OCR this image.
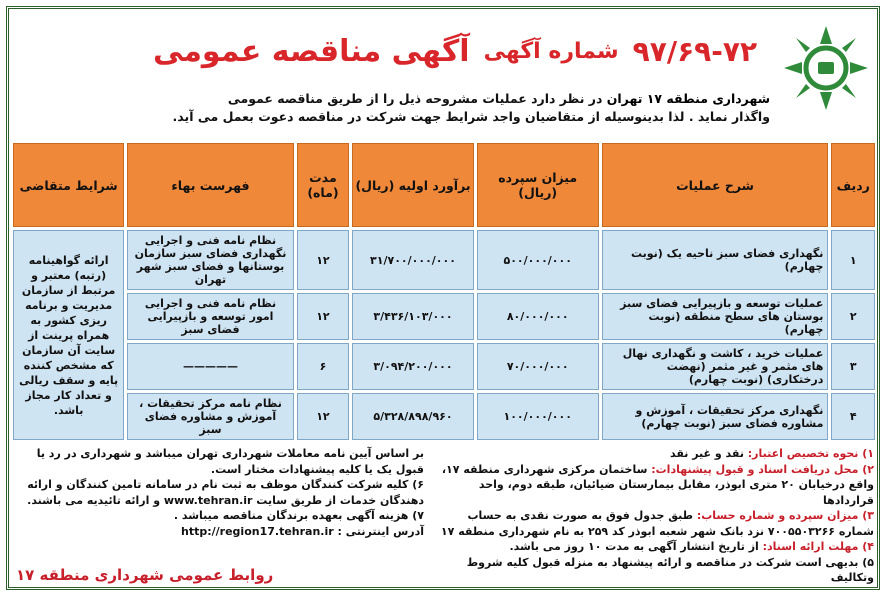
آگهی مناقصه عمومی شماره آگهی ۹۷/۶۹-۷۲
شهرداری منطقه ۱۷ تهران در نظر دارد عملیات مشروحه ذیل را از طریق مناقصه عمومی
واگذار نماید . لذا بدینوسیله از متقاضیان واجد شرایط جهت شرکت در مناقصه دعوت بعمل می آید.
ردیف	شرح عملیات	میزان سپرده (ریال)	برآورد اولیه (ریال)	مدت (ماه)	فهرست بهاء	شرایط متقاضی
۱	نگهداری فضای سبز ناحیه یک (نوبت چهارم)	۵۰۰/۰۰۰/۰۰۰	۳۱/۷۰۰/۰۰۰/۰۰۰	۱۲	نظام نامه فنی و اجرایی نگهداری فضای سبز سازمان بوستانها و فضای سبز شهر تهران	ارائه گواهینامه (رتبه) معتبر و مرتبط از سازمان مدیریت و برنامه ریزی کشور به همراه پرینت از سایت آن سازمان که مشخص کننده پایه و سقف ریالی و تعداد کار مجاز باشد.
۲	عملیات توسعه و بازپیرایی فضای سبز بوستان های سطح منطقه (نوبت چهارم)	۸۰/۰۰۰/۰۰۰	۳/۴۳۶/۱۰۳/۰۰۰	۱۲	نظام نامه فنی و اجرایی امور توسعه و بازپیرایی فضای سبز	
۳	عملیات خرید ، کاشت و نگهداری نهال های مثمر و غیر مثمر (نهضت درختکاری) (نوبت چهارم)	۷۰/۰۰۰/۰۰۰	۳/۰۹۴/۲۰۰/۰۰۰	۶	—————	
۴	نگهداری مرکز تحقیقات ، آموزش و مشاوره فضای سبز (نوبت چهارم)	۱۰۰/۰۰۰/۰۰۰	۵/۳۲۸/۸۹۸/۹۶۰	۱۲	نظام نامه مرکز تحقیقات ، آموزش و مشاوره فضای سبز	
۱) نحوه تخصیص اعتبار: نقد و غیر نقد
۲) محل دریافت اسناد و قبول پیشنهادات: ساختمان مرکزی شهرداری منطقه ۱۷، واقع درخیابان ۲۰ متری ابوذر، مقابل بیمارستان ضیائیان، طبقه دوم، واحد قراردادها
۳) میزان سپرده و شماره حساب: طبق جدول فوق به صورت نقدی به حساب شماره ۷۰۰۵۵۰۳۲۶۶ نزد بانک شهر شعبه ابوذر کد ۲۵۹ به نام شهرداری منطقه ۱۷
۴) مهلت ارائه اسناد: از تاریخ انتشار آگهی به مدت ۱۰ روز می باشد.
۵) بدیهی است شرکت در مناقصه و ارائه پیشنهاد به منزله قبول کلیه شروط وتکالیف
بر اساس آیین نامه معاملات شهرداری تهران میباشد و شهرداری در رد یا قبول یک یا کلیه پیشنهادات مختار است.
۶) کلیه شرکت کنندگان موظف به ثبت نام در سامانه تامین کنندگان و ارائه دهندگان خدمات از طریق سایت www.tehran.ir و ارائه تائیدیه می باشند.
۷) هزینه آگهی بعهده برندگان مناقصه میباشد .
آدرس اینترنتی : http://region17.tehran.ir
روابط عمومی شهرداری منطقه ۱۷
